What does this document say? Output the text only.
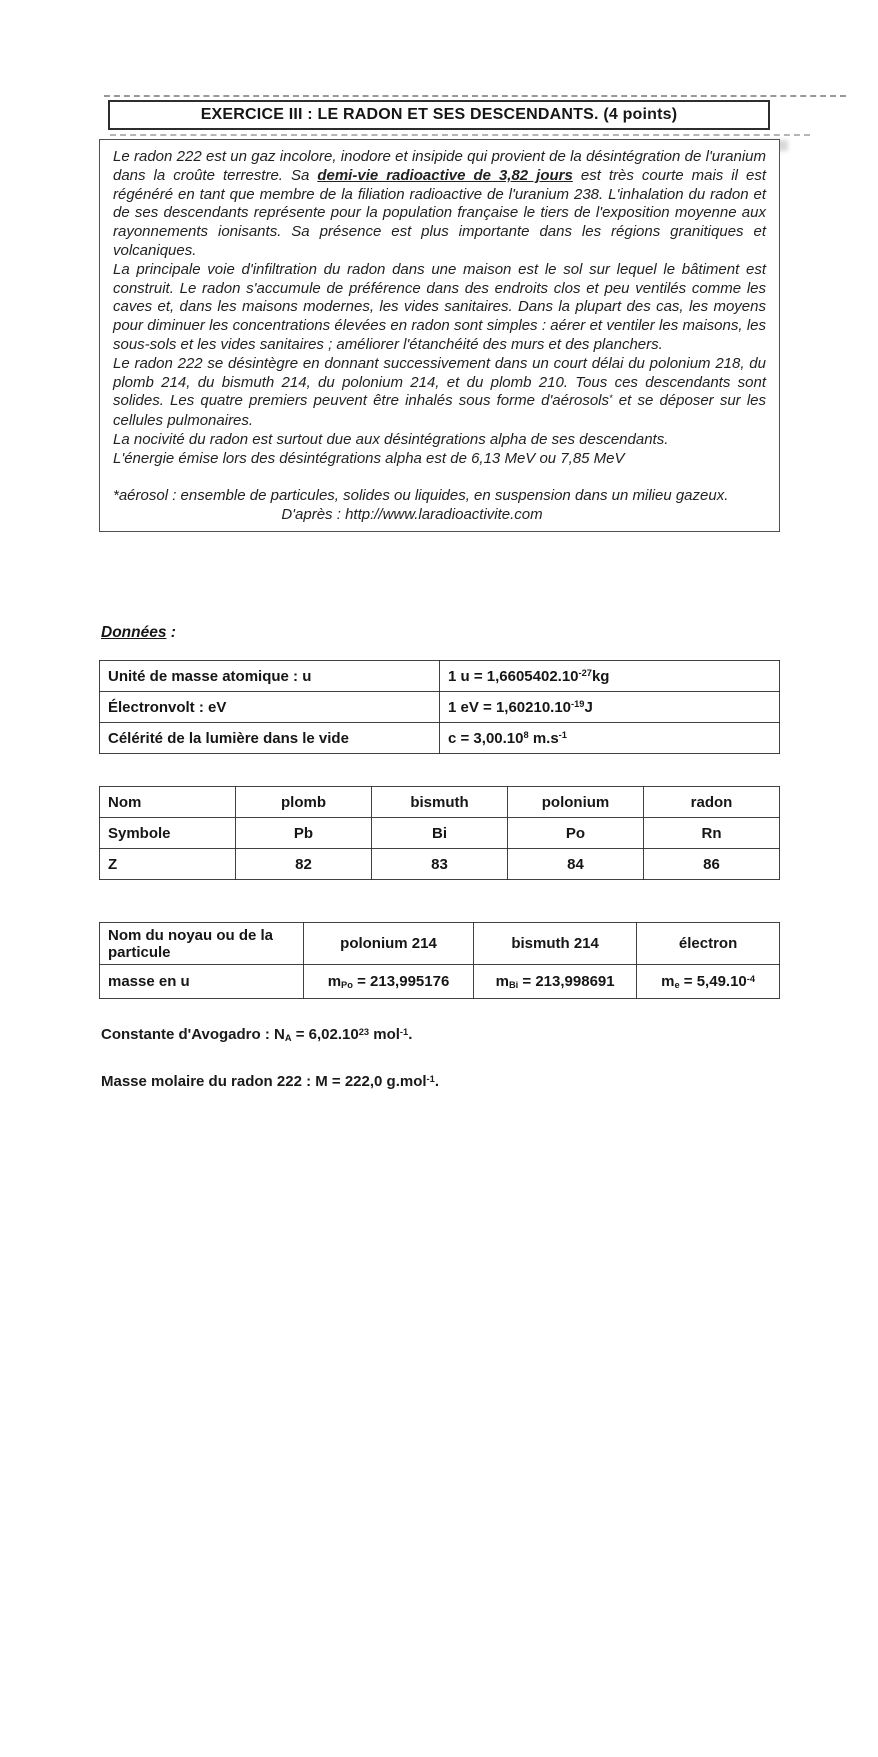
EXERCICE III : LE RADON ET SES DESCENDANTS. (4 points)

Le radon 222 est un gaz incolore, inodore et insipide qui provient de la désintégration de l'uranium dans la croûte terrestre. Sa demi-vie radioactive de 3,82 jours est très courte mais il est régénéré en tant que membre de la filiation radioactive de l'uranium 238. L'inhalation du radon et de ses descendants représente pour la population française le tiers de l'exposition moyenne aux rayonnements ionisants. Sa présence est plus importante dans les régions granitiques et volcaniques.

La principale voie d'infiltration du radon dans une maison est le sol sur lequel le bâtiment est construit. Le radon s'accumule de préférence dans des endroits clos et peu ventilés comme les caves et, dans les maisons modernes, les vides sanitaires. Dans la plupart des cas, les moyens pour diminuer les concentrations élevées en radon sont simples : aérer et ventiler les maisons, les sous-sols et les vides sanitaires ; améliorer l'étanchéité des murs et des planchers.

Le radon 222 se désintègre en donnant successivement dans un court délai du polonium 218, du plomb 214, du bismuth 214, du polonium 214, et du plomb 210. Tous ces descendants sont solides. Les quatre premiers peuvent être inhalés sous forme d'aérosols* et se déposer sur les cellules pulmonaires.

La nocivité du radon est surtout due aux désintégrations alpha de ses descendants.

L'énergie émise lors des désintégrations alpha est de 6,13 MeV ou 7,85 MeV

*aérosol : ensemble de particules, solides ou liquides, en suspension dans un milieu gazeux.

D'après : http://www.laradioactivite.com

Données :
Unité de masse atomique : u	1 $u = 1,6605402.10^{-27}kg$
Électronvolt : eV	1 eV = $1,60210.10^{-19}J$
Célérité de la lumière dans le vide	$c = 3,00.10^8$ $m.s^{-1}$
Nom	plomb	bismuth	polonium	radon
Symbole	Pb	Bi	Po	Rn
Z	82	83	84	86
Nom du noyau ou de la particule	polonium 214	bismuth 214	électron
masse en u	mPo = 213,995176	mBi = 213,998691	me = $5,49.10^{-4}$
Constante d'Avogadro : NA = $6,02.10^{23}$ mol$^{-1}$.
Masse molaire du radon 222 : M = 222,0 g.mol$^{-1}$.
